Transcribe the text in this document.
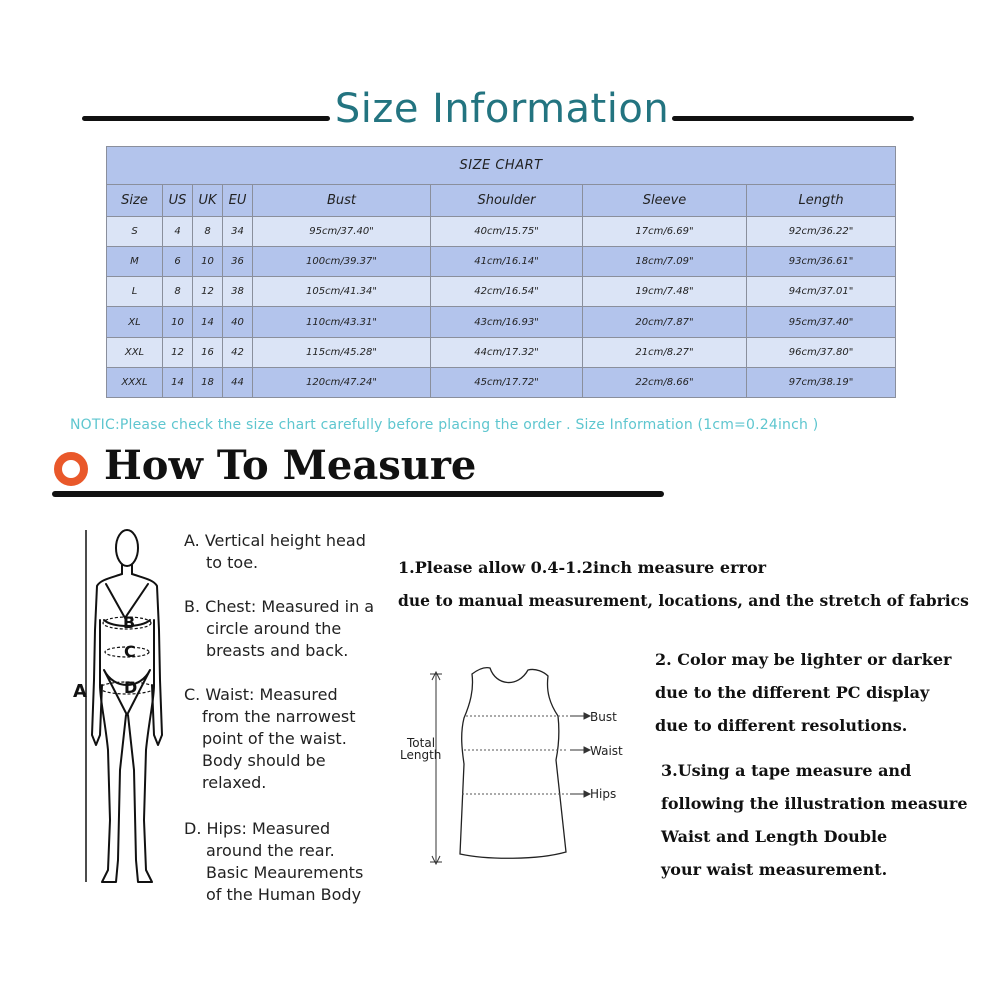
Size Information
SIZE CHART							
Size	US	UK	EU	Bust	Shoulder	Sleeve	Length
S	4	8	34	95cm/37.40"	40cm/15.75"	17cm/6.69"	92cm/36.22"
M	6	10	36	100cm/39.37"	41cm/16.14"	18cm/7.09"	93cm/36.61"
L	8	12	38	105cm/41.34"	42cm/16.54"	19cm/7.48"	94cm/37.01"
XL	10	14	40	110cm/43.31"	43cm/16.93"	20cm/7.87"	95cm/37.40"
XXL	12	16	42	115cm/45.28"	44cm/17.32"	21cm/8.27"	96cm/37.80"
XXXL	14	18	44	120cm/47.24"	45cm/17.72"	22cm/8.66"	97cm/38.19"
NOTIC:Please check the size chart carefully before placing the order . Size Information (1cm=0.24inch )
How To Measure
A
B
C
D
A. Vertical height head
to toe.
B. Chest: Measured in a
circle around the
breasts and back.
C. Waist: Measured
from the narrowest
point of the waist.
Body should be
relaxed.
D. Hips: Measured
around the rear.
Basic Meaurements
of the Human Body
1.Please allow 0.4-1.2inch measure error
due to manual measurement, locations, and the stretch of fabrics
2. Color may be lighter or darker
due to the different PC display
due to different resolutions.
3.Using a tape measure and
following the illustration measure
Waist and Length Double
your waist measurement.
Total
Length
Bust
Waist
Hips
